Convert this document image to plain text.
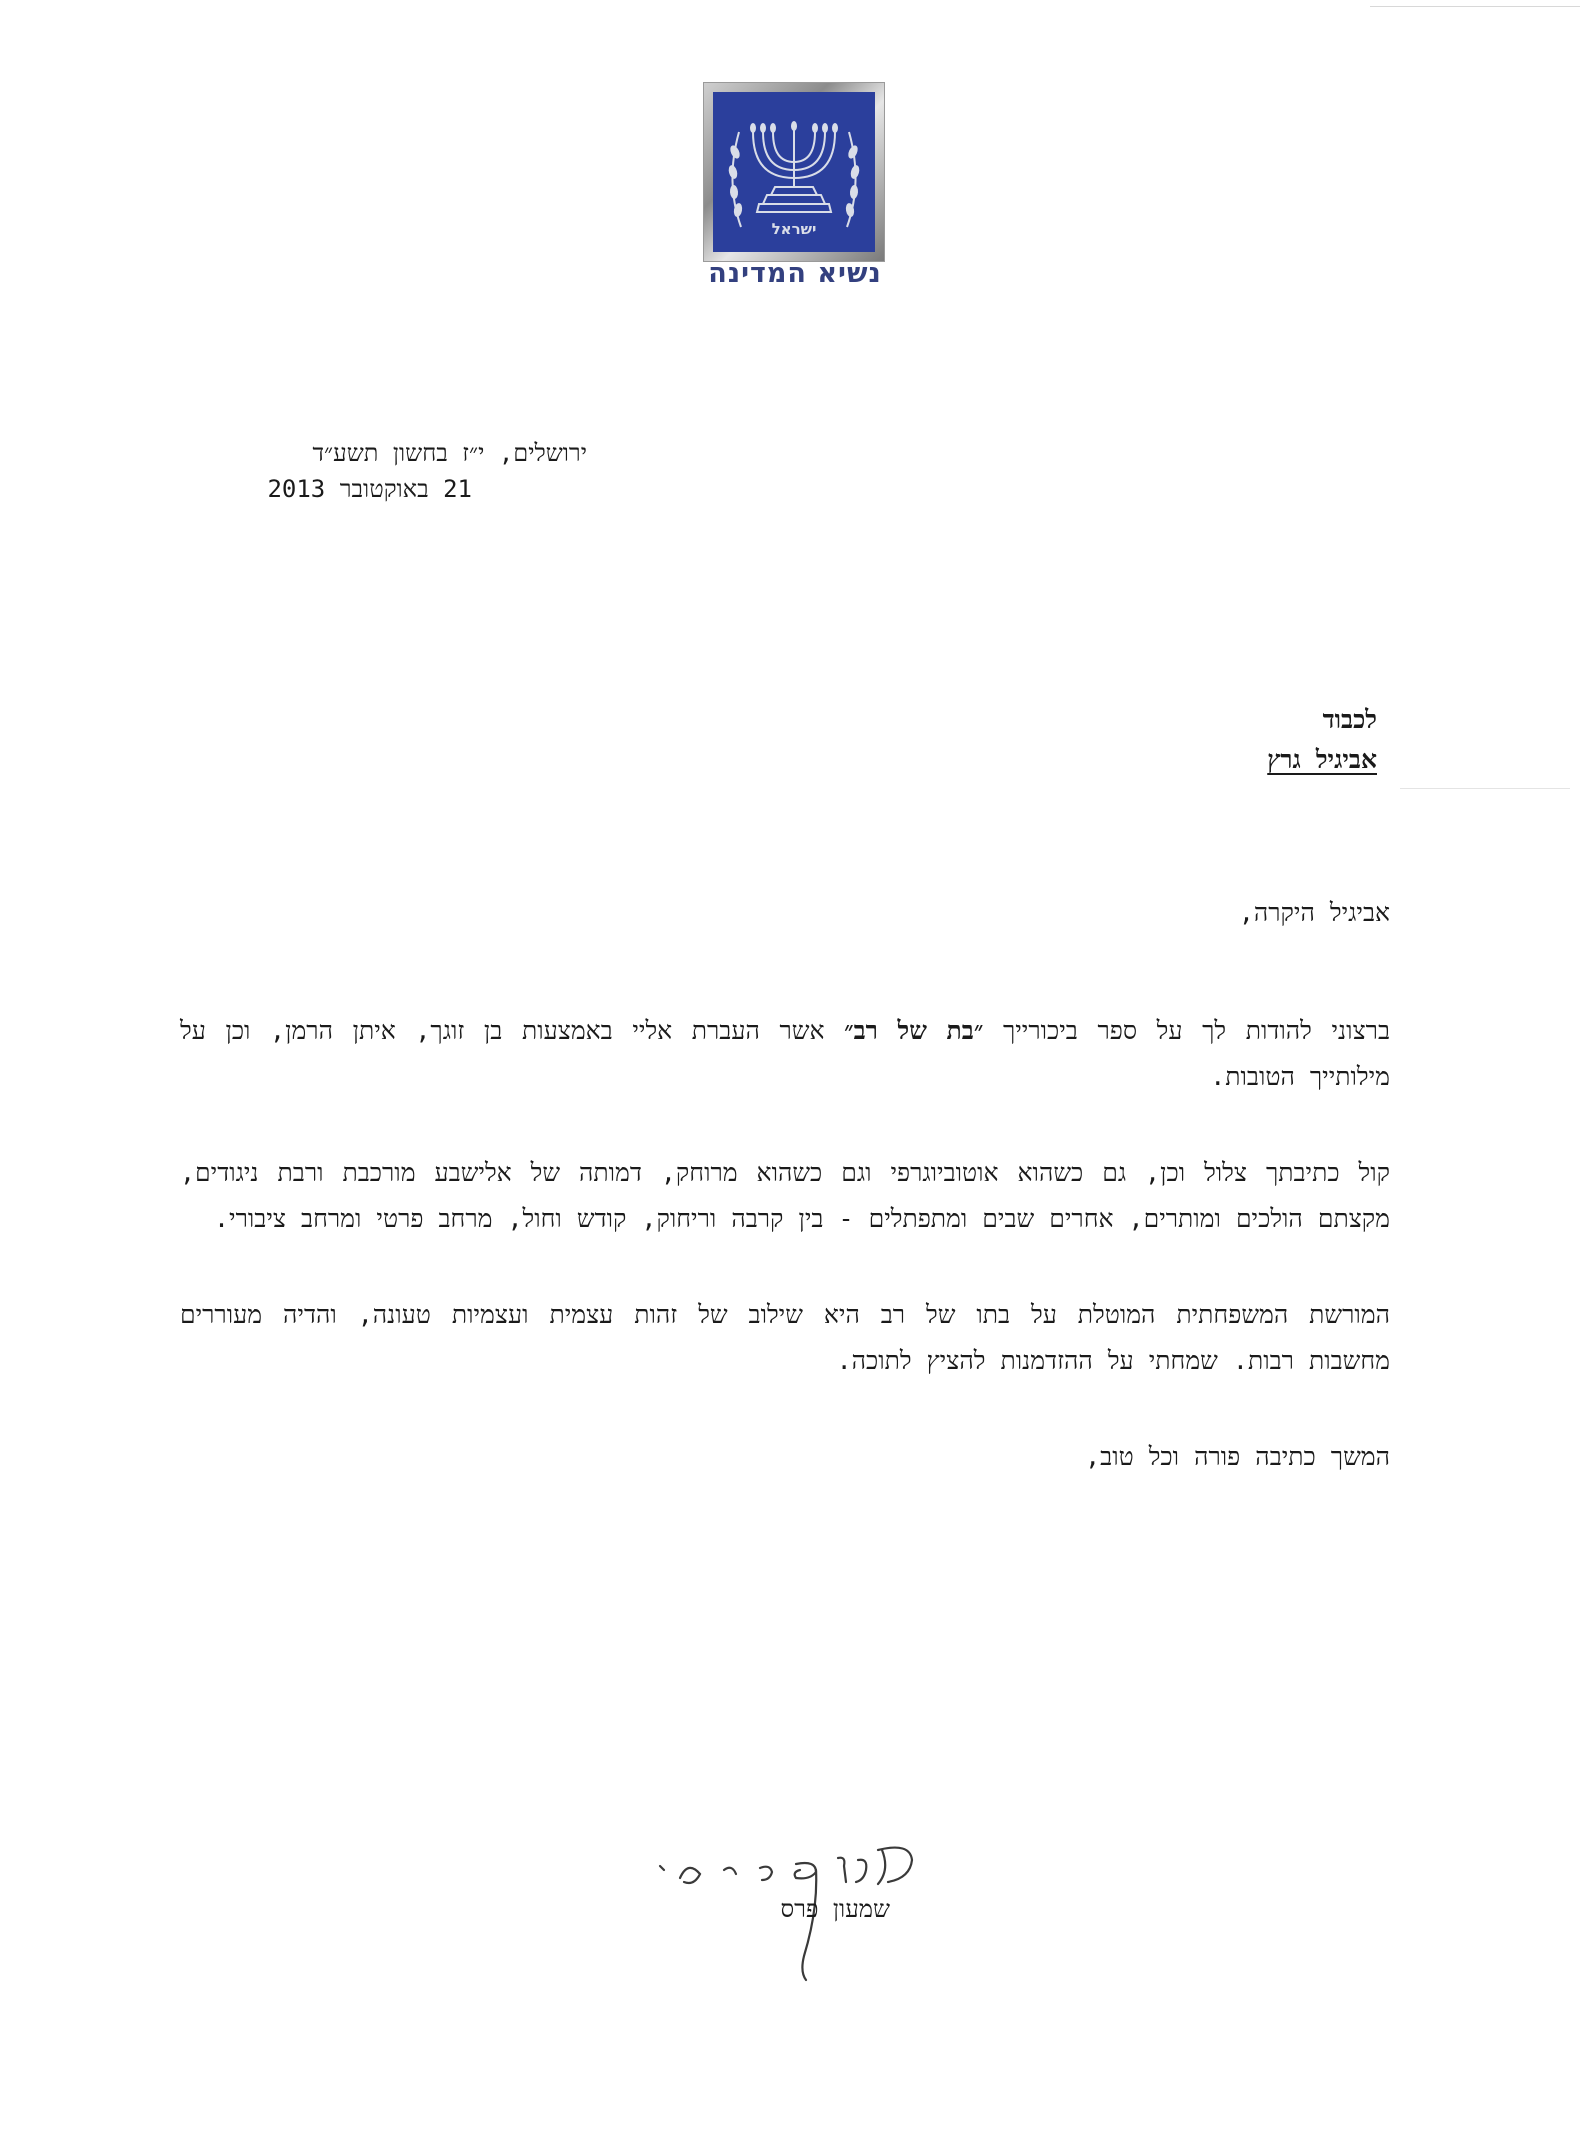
ישראל
נשיא המדינה
ירושלים, י״ז בחשון תשע״ד
21 באוקטובר 2013
לכבוד
אביגיל גרץ

אביגיל היקרה,

ברצוני להודות לך על ספר ביכורייך ״בת של רב״ אשר העברת אליי באמצעות בן זוגך, איתן הרמן, וכן על מילותייך הטובות.

קול כתיבתך צלול וכן, גם כשהוא אוטוביוגרפי וגם כשהוא מרוחק, דמותה של אלישבע מורכבת ורבת ניגודים, מקצתם הולכים ומותרים, אחרים שבים ומתפתלים - בין קרבה וריחוק, קודש וחול, מרחב פרטי ומרחב ציבורי.

המורשת המשפחתית המוטלת על בתו של רב היא שילוב של זהות עצמית ועצמיות טעונה, והדיה מעוררים מחשבות רבות. שמחתי על ההזדמנות להציץ לתוכה.

המשך כתיבה פורה וכל טוב,

שמעון פרס
